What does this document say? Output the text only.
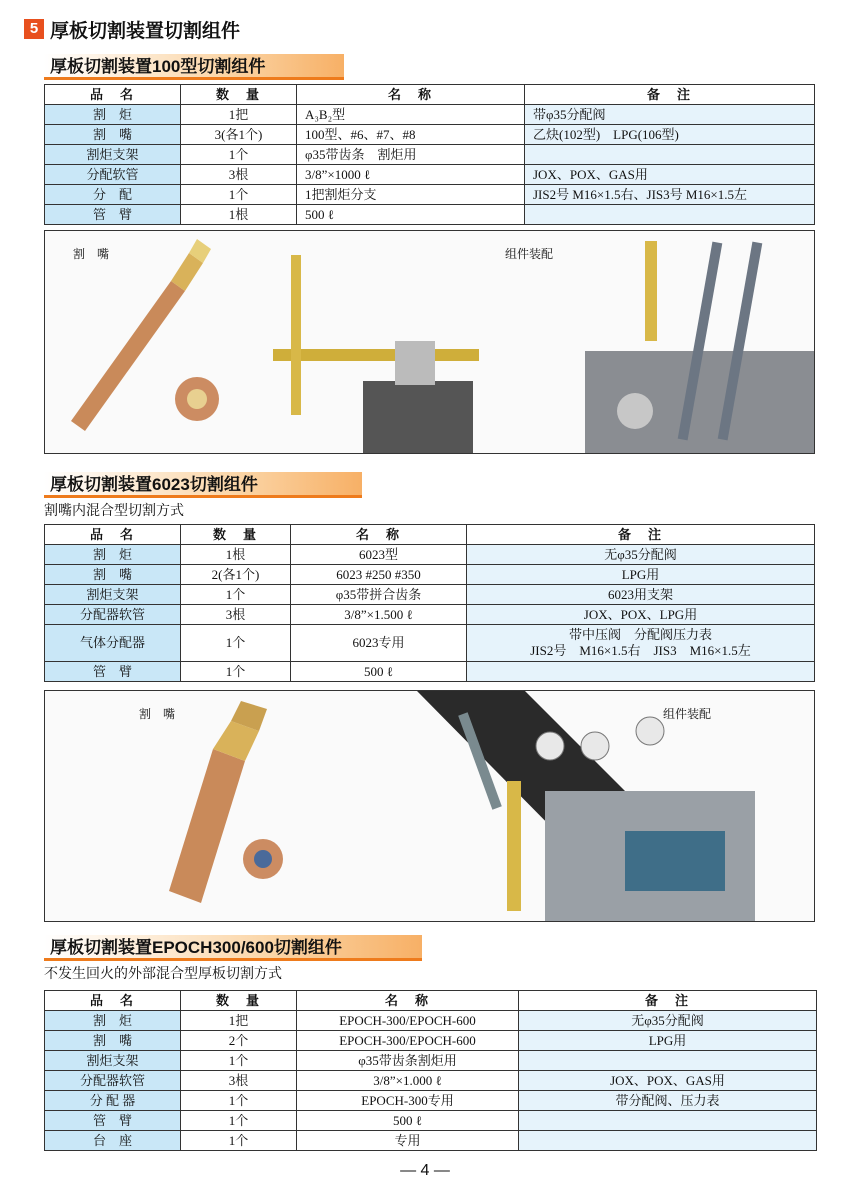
5 厚板切割装置切割组件
厚板切割装置100型切割组件
品　名	数　量	名　称	备　注
割　炬	1把	A₃B₂型	带φ35分配阀
割　嘴	3(各1个)	100型、#6、#7、#8	乙炔(102型)　LPG(106型)
割炬支架	1个	φ35带齿条　割炬用	
分配软管	3根	3/8”×1000 ℓ	JOX、POX、GAS用
分　配	1个	1把割炬分支	JIS2号 M16×1.5右、JIS3号 M16×1.5左
管　臂	1根	500 ℓ	
割　嘴	组件装配
厚板切割装置6023切割组件
割嘴内混合型切割方式
品　名	数　量	名　称	备　注
割　炬	1根	6023型	无φ35分配阀
割　嘴	2(各1个)	6023 #250 #350	LPG用
割炬支架	1个	φ35带拼合齿条	6023用支架
分配器软管	3根	3/8”×1.500 ℓ	JOX、POX、LPG用
气体分配器	1个	6023专用	带中压阀　分配阀压力表
JIS2号　M16×1.5右　JIS3　M16×1.5左
管　臂	1个	500 ℓ	
割　嘴	组件装配
厚板切割装置EPOCH300/600切割组件
不发生回火的外部混合型厚板切割方式
品　名	数　量	名　称	备　注
割　炬	1把	EPOCH-300/EPOCH-600	无φ35分配阀
割　嘴	2个	EPOCH-300/EPOCH-600	LPG用
割炬支架	1个	φ35带齿条割炬用	
分配器软管	3根	3/8”×1.000 ℓ	JOX、POX、GAS用
分 配 器	1个	EPOCH-300专用	带分配阀、压力表
管　臂	1个	500 ℓ	
台　座	1个	专用	
— 4 —
